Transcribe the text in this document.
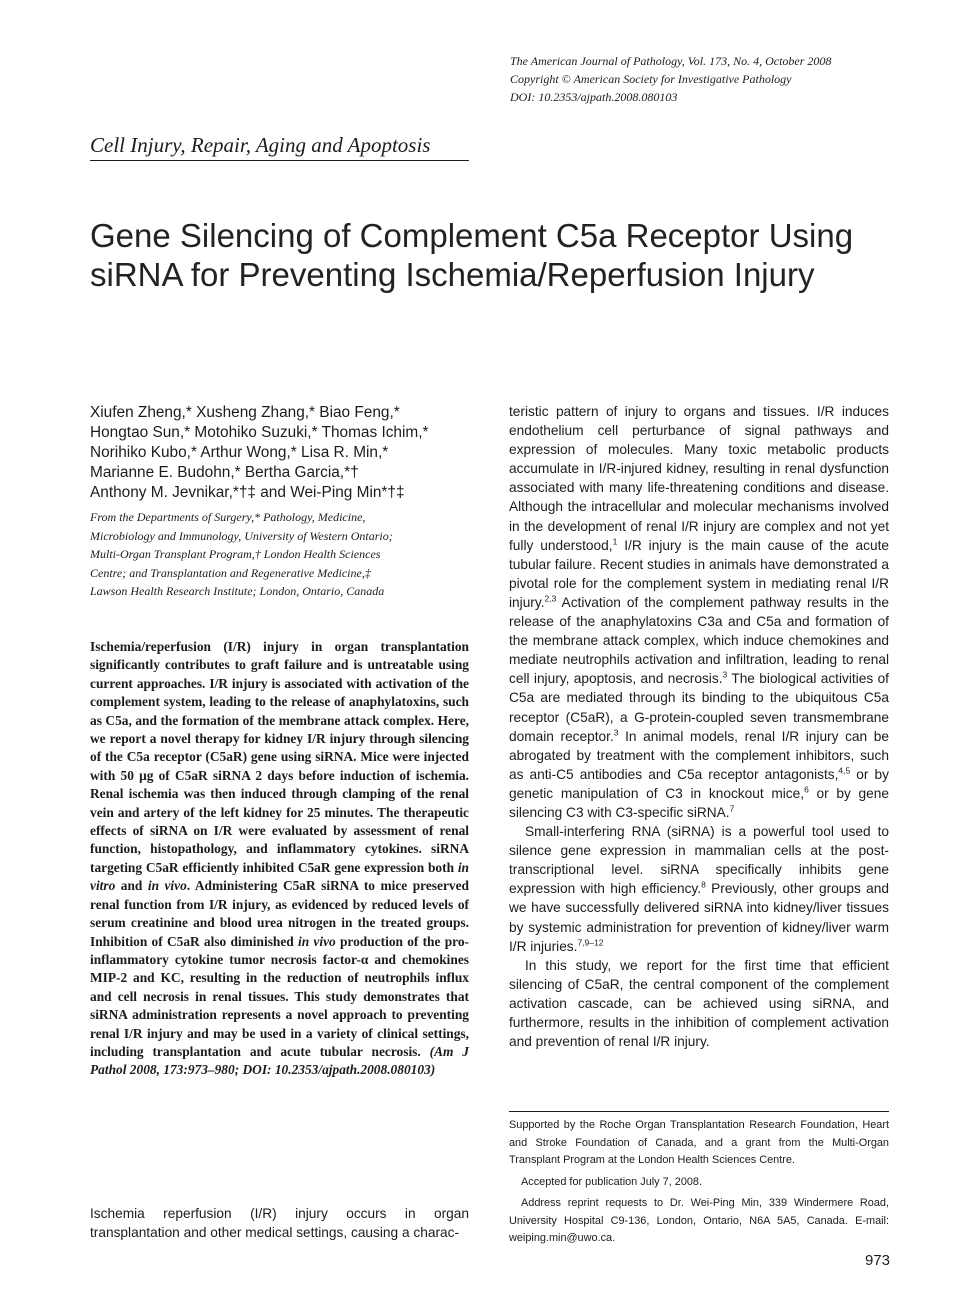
The American Journal of Pathology, Vol. 173, No. 4, October 2008
Copyright © American Society for Investigative Pathology
DOI: 10.2353/ajpath.2008.080103
Cell Injury, Repair, Aging and Apoptosis
Gene Silencing of Complement C5a Receptor Using
siRNA for Preventing Ischemia/Reperfusion Injury
Xiufen Zheng,* Xusheng Zhang,* Biao Feng,*
Hongtao Sun,* Motohiko Suzuki,* Thomas Ichim,*
Norihiko Kubo,* Arthur Wong,* Lisa R. Min,*
Marianne E. Budohn,* Bertha Garcia,*†
Anthony M. Jevnikar,*†‡ and Wei-Ping Min*†‡
From the Departments of Surgery,* Pathology, Medicine,
Microbiology and Immunology, University of Western Ontario;
Multi-Organ Transplant Program,† London Health Sciences
Centre; and Transplantation and Regenerative Medicine,‡
Lawson Health Research Institute; London, Ontario, Canada

Ischemia/reperfusion (I/R) injury in organ transplantation significantly contributes to graft failure and is untreatable using current approaches. I/R injury is associated with activation of the complement system, leading to the release of anaphylatoxins, such as C5a, and the formation of the membrane attack complex. Here, we report a novel therapy for kidney I/R injury through silencing of the C5a receptor (C5aR) gene using siRNA. Mice were injected with 50 μg of C5aR siRNA 2 days before induction of ischemia. Renal ischemia was then induced through clamping of the renal vein and artery of the left kidney for 25 minutes. The therapeutic effects of siRNA on I/R were evaluated by assessment of renal function, histopathology, and inflammatory cytokines. siRNA targeting C5aR efficiently inhibited C5aR gene expression both in vitro and in vivo. Administering C5aR siRNA to mice preserved renal function from I/R injury, as evidenced by reduced levels of serum creatinine and blood urea nitrogen in the treated groups. Inhibition of C5aR also diminished in vivo production of the pro-inflammatory cytokine tumor necrosis factor-α and chemokines MIP-2 and KC, resulting in the reduction of neutrophils influx and cell necrosis in renal tissues. This study demonstrates that siRNA administration represents a novel approach to preventing renal I/R injury and may be used in a variety of clinical settings, including transplantation and acute tubular necrosis. (Am J Pathol 2008, 173:973–980; DOI: 10.2353/ajpath.2008.080103)

Ischemia reperfusion (I/R) injury occurs in organ transplantation and other medical settings, causing a charac-

teristic pattern of injury to organs and tissues. I/R induces endothelium cell perturbance of signal pathways and expression of molecules. Many toxic metabolic products accumulate in I/R-injured kidney, resulting in renal dysfunction associated with many life-threatening conditions and disease. Although the intracellular and molecular mechanisms involved in the development of renal I/R injury are complex and not yet fully understood,$^1$ I/R injury is the main cause of the acute tubular failure. Recent studies in animals have demonstrated a pivotal role for the complement system in mediating renal I/R injury.$^{2,3}$ Activation of the complement pathway results in the release of the anaphylatoxins C3a and C5a and formation of the membrane attack complex, which induce chemokines and mediate neutrophils activation and infiltration, leading to renal cell injury, apoptosis, and necrosis.$^3$ The biological activities of C5a are mediated through its binding to the ubiquitous C5a receptor (C5aR), a G-protein-coupled seven transmembrane domain receptor.$^3$ In animal models, renal I/R injury can be abrogated by treatment with the complement inhibitors, such as anti-C5 antibodies and C5a receptor antagonists,$^{4,5}$ or by genetic manipulation of C3 in knockout mice,$^6$ or by gene silencing C3 with C3-specific siRNA.$^7$

Small-interfering RNA (siRNA) is a powerful tool used to silence gene expression in mammalian cells at the post-transcriptional level. siRNA specifically inhibits gene expression with high efficiency.$^8$ Previously, other groups and we have successfully delivered siRNA into kidney/liver tissues by systemic administration for prevention of kidney/liver warm I/R injuries.$^{7,9-12}$

In this study, we report for the first time that efficient silencing of C5aR, the central component of the complement activation cascade, can be achieved using siRNA, and furthermore, results in the inhibition of complement activation and prevention of renal I/R injury.

Supported by the Roche Organ Transplantation Research Foundation, Heart and Stroke Foundation of Canada, and a grant from the Multi-Organ Transplant Program at the London Health Sciences Centre.

Accepted for publication July 7, 2008.

Address reprint requests to Dr. Wei-Ping Min, 339 Windermere Road, University Hospital C9-136, London, Ontario, N6A 5A5, Canada. E-mail: weiping.min@uwo.ca.

973
